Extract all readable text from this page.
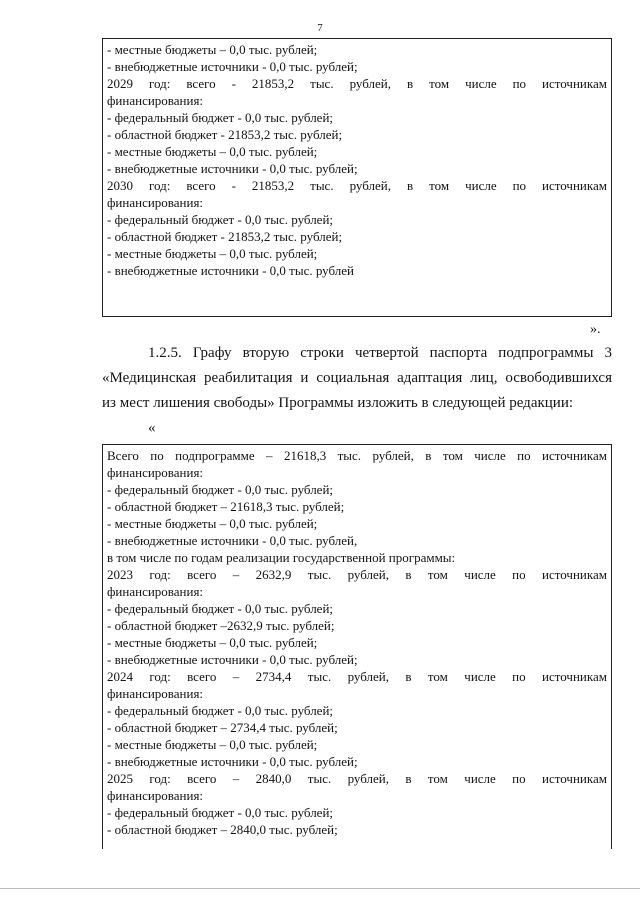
7
- местные бюджеты – 0,0 тыс. рублей;
- внебюджетные источники - 0,0 тыс. рублей;
2029 год: всего - 21853,2 тыс. рублей, в том числе по источникам
финансирования:
- федеральный бюджет - 0,0 тыс. рублей;
- областной бюджет - 21853,2 тыс. рублей;
- местные бюджеты – 0,0 тыс. рублей;
- внебюджетные источники - 0,0 тыс. рублей;
2030 год: всего - 21853,2 тыс. рублей, в том числе по источникам
финансирования:
- федеральный бюджет - 0,0 тыс. рублей;
- областной бюджет - 21853,2 тыс. рублей;
- местные бюджеты – 0,0 тыс. рублей;
- внебюджетные источники - 0,0 тыс. рублей
».
1.2.5. Графу вторую строки четвертой паспорта подпрограммы 3
«Медицинская реабилитация и социальная адаптация лиц, освободившихся
из мест лишения свободы» Программы изложить в следующей редакции:
«
Всего по подпрограмме – 21618,3 тыс. рублей, в том числе по источникам
финансирования:
- федеральный бюджет - 0,0 тыс. рублей;
- областной бюджет – 21618,3 тыс. рублей;
- местные бюджеты – 0,0 тыс. рублей;
- внебюджетные источники - 0,0 тыс. рублей,
в том числе по годам реализации государственной программы:
2023 год: всего – 2632,9 тыс. рублей, в том числе по источникам
финансирования:
- федеральный бюджет - 0,0 тыс. рублей;
- областной бюджет –2632,9 тыс. рублей;
- местные бюджеты – 0,0 тыс. рублей;
- внебюджетные источники - 0,0 тыс. рублей;
2024 год: всего – 2734,4 тыс. рублей, в том числе по источникам
финансирования:
- федеральный бюджет - 0,0 тыс. рублей;
- областной бюджет – 2734,4 тыс. рублей;
- местные бюджеты – 0,0 тыс. рублей;
- внебюджетные источники - 0,0 тыс. рублей;
2025 год: всего – 2840,0 тыс. рублей, в том числе по источникам
финансирования:
- федеральный бюджет - 0,0 тыс. рублей;
- областной бюджет – 2840,0 тыс. рублей;
